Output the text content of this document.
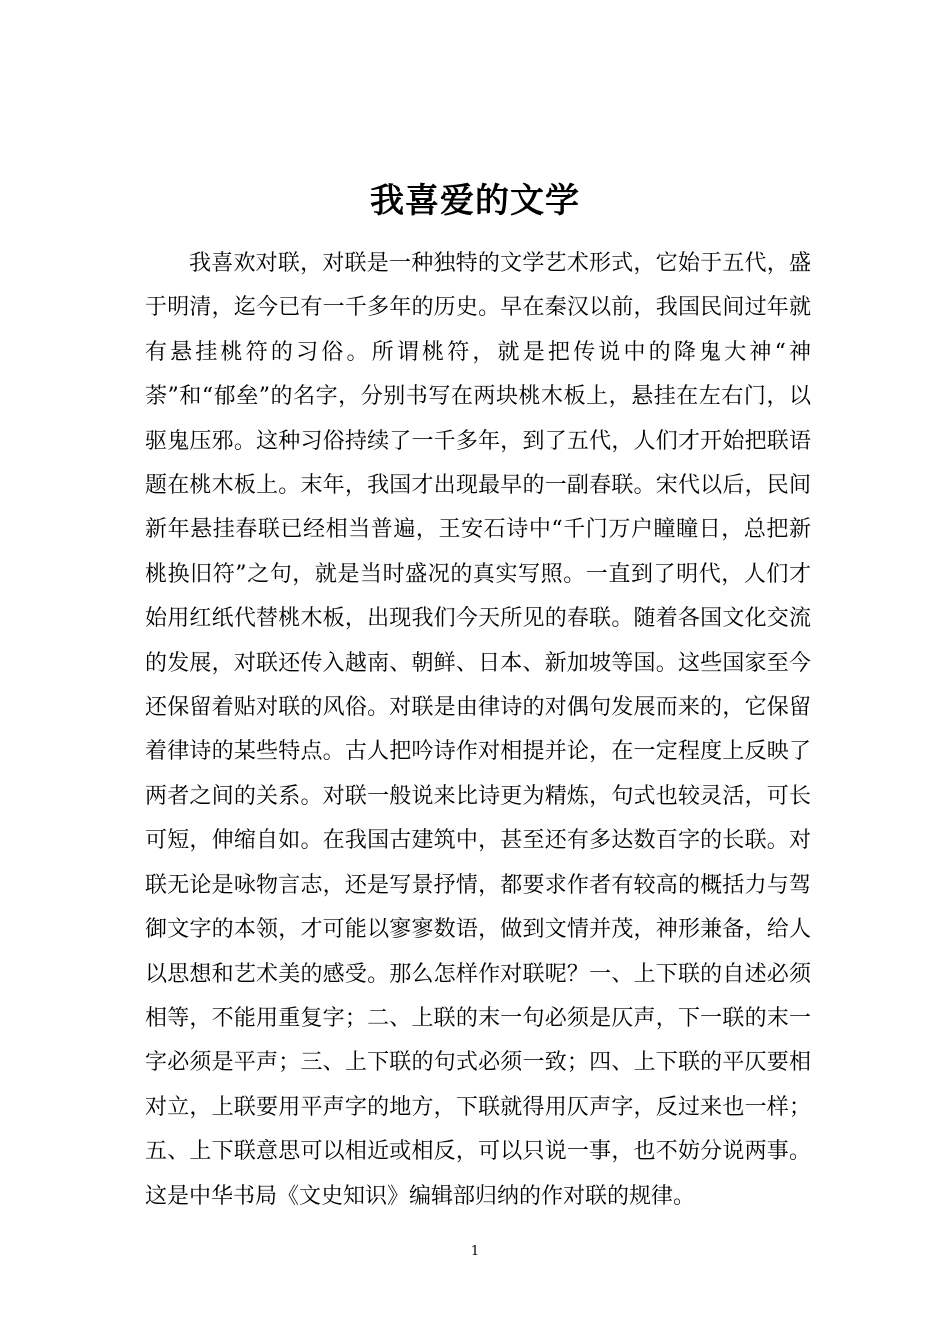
我喜爱的文学

我喜欢对联，对联是一种独特的文学艺术形式，它始于五代，盛于明清，迄今已有一千多年的历史。早在秦汉以前，我国民间过年就有悬挂桃符的习俗。所谓桃符，就是把传说中的降鬼大神“神荼”和“郁垒”的名字，分别书写在两块桃木板上，悬挂在左右门，以驱鬼压邪。这种习俗持续了一千多年，到了五代，人们才开始把联语题在桃木板上。末年，我国才出现最早的一副春联。宋代以后，民间新年悬挂春联已经相当普遍，王安石诗中“千门万户瞳瞳日，总把新桃换旧符”之句，就是当时盛况的真实写照。一直到了明代，人们才始用红纸代替桃木板，出现我们今天所见的春联。随着各国文化交流的发展，对联还传入越南、朝鲜、日本、新加坡等国。这些国家至今还保留着贴对联的风俗。对联是由律诗的对偶句发展而来的，它保留着律诗的某些特点。古人把吟诗作对相提并论，在一定程度上反映了两者之间的关系。对联一般说来比诗更为精炼，句式也较灵活，可长可短，伸缩自如。在我国古建筑中，甚至还有多达数百字的长联。对联无论是咏物言志，还是写景抒情，都要求作者有较高的概括力与驾御文字的本领，才可能以寥寥数语，做到文情并茂，神形兼备，给人以思想和艺术美的感受。那么怎样作对联呢？一、上下联的自述必须相等，不能用重复字；二、上联的末一句必须是仄声，下一联的末一字必须是平声；三、上下联的句式必须一致；四、上下联的平仄要相对立，上联要用平声字的地方，下联就得用仄声字，反过来也一样；五、上下联意思可以相近或相反，可以只说一事，也不妨分说两事。这是中华书局《文史知识》编辑部归纳的作对联的规律。

1
